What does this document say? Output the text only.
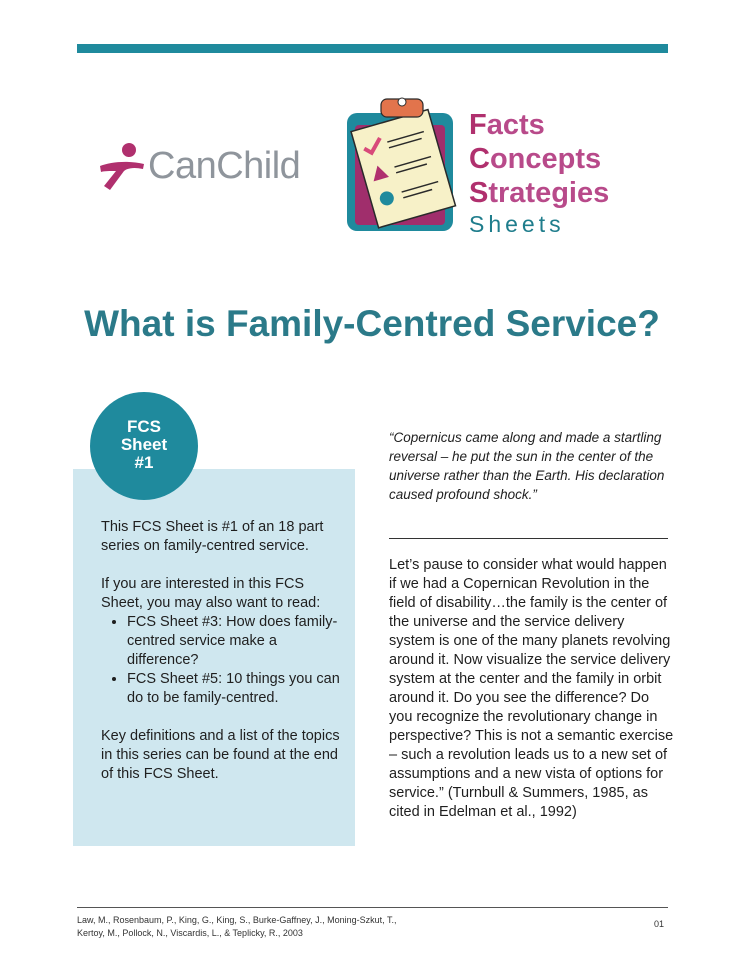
CanChild
Facts
Concepts
Strategies
Sheets
What is Family-Centred Service?
FCS
Sheet
#1

This FCS Sheet is #1 of an 18 part series on family-centred service.

If you are interested in this FCS Sheet, you may also want to read:

• FCS Sheet #3: How does family-centred service make a difference?
• FCS Sheet #5: 10 things you can do to be family-centred.

Key definitions and a list of the topics in this series can be found at the end of this FCS Sheet.

“Copernicus came along and made a startling reversal – he put the sun in the center of the universe rather than the Earth. His declaration caused profound shock.”
Let’s pause to consider what would happen if we had a Copernican Revolution in the field of disability…the family is the center of the universe and the service delivery system is one of the many planets revolving around it. Now visualize the service delivery system at the center and the family in orbit around it. Do you see the difference? Do you recognize the revolutionary change in perspective? This is not a semantic exercise – such a revolution leads us to a new set of assumptions and a new vista of options for service.” (Turnbull & Summers, 1985, as cited in Edelman et al., 1992)
Law, M., Rosenbaum, P., King, G., King, S., Burke-Gaffney, J., Moning-Szkut, T.,
Kertoy, M., Pollock, N., Viscardis, L., & Teplicky, R., 2003
01
